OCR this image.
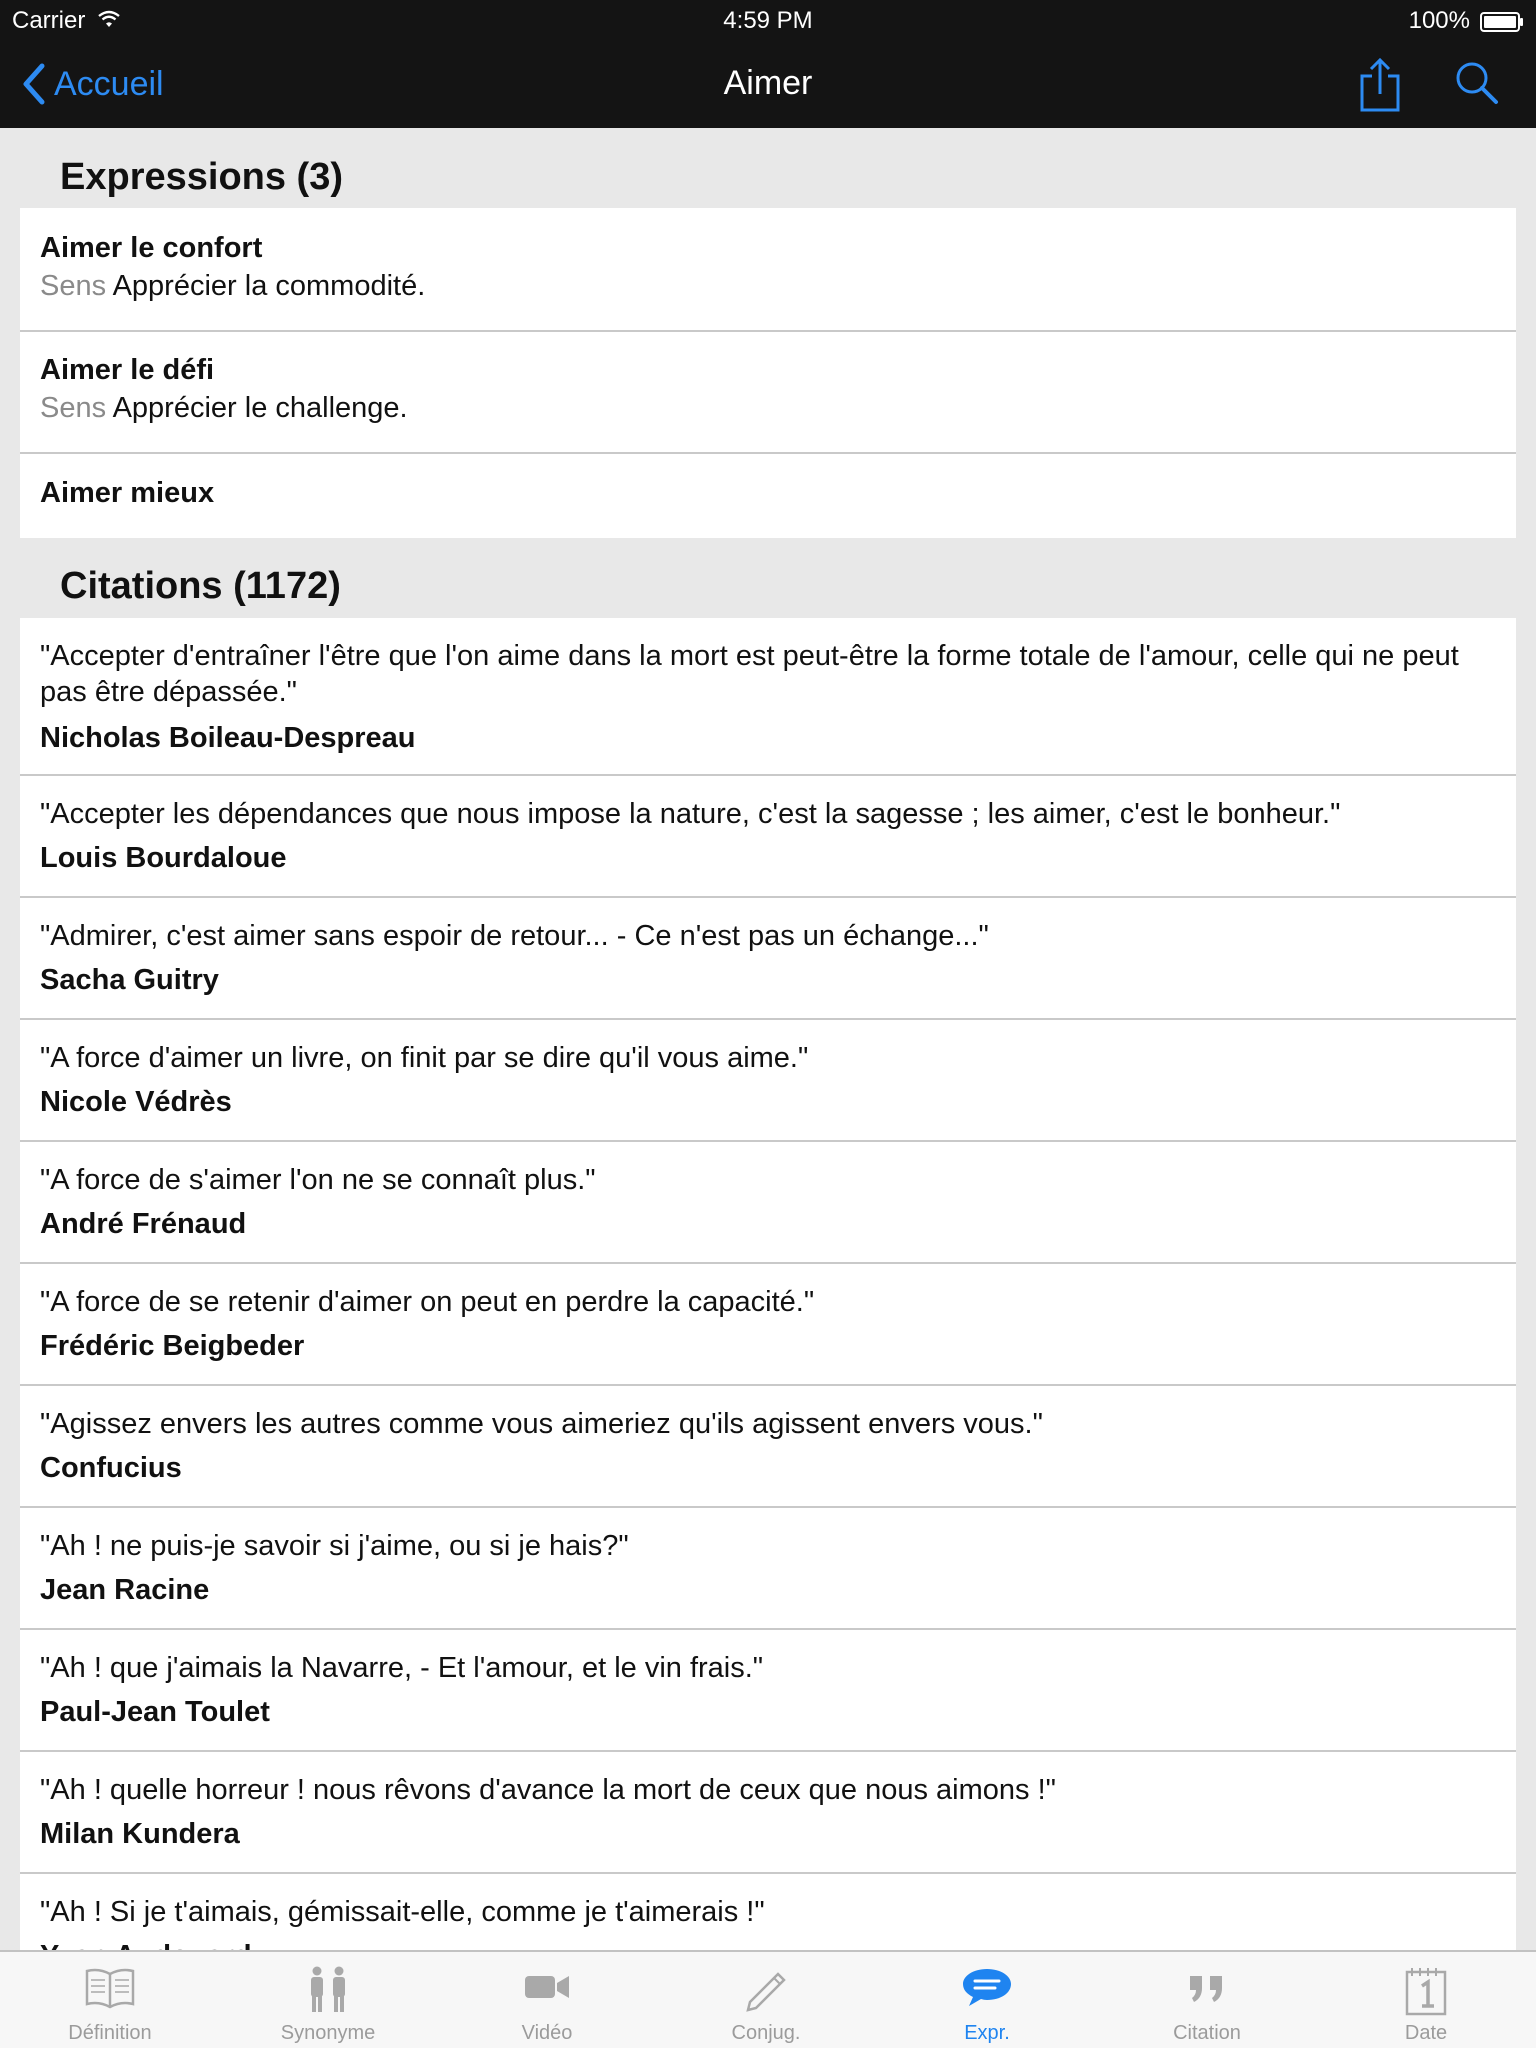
Carrier	4:59 PM	100%
Accueil	Aimer
Expressions (3)
Aimer le confort
Sens Apprécier la commodité.
Aimer le défi
Sens Apprécier le challenge.
Aimer mieux
Citations (1172)
"Accepter d'entraîner l'être que l'on aime dans la mort est peut-être la forme totale de l'amour, celle qui ne peut pas être dépassée."
Nicholas Boileau-Despreau
"Accepter les dépendances que nous impose la nature, c'est la sagesse ; les aimer, c'est le bonheur."
Louis Bourdaloue
"Admirer, c'est aimer sans espoir de retour... - Ce n'est pas un échange..."
Sacha Guitry
"A force d'aimer un livre, on finit par se dire qu'il vous aime."
Nicole Védrès
"A force de s'aimer l'on ne se connaît plus."
André Frénaud
"A force de se retenir d'aimer on peut en perdre la capacité."
Frédéric Beigbeder
"Agissez envers les autres comme vous aimeriez qu'ils agissent envers vous."
Confucius
"Ah ! ne puis-je savoir si j'aime, ou si je hais?"
Jean Racine
"Ah ! que j'aimais la Navarre, - Et l'amour, et le vin frais."
Paul-Jean Toulet
"Ah ! quelle horreur ! nous rêvons d'avance la mort de ceux que nous aimons !"
Milan Kundera
"Ah ! Si je t'aimais, gémissait-elle, comme je t'aimerais !"
Définition	Synonyme	Vidéo	Conjug.	Expr.	Citation	Date
